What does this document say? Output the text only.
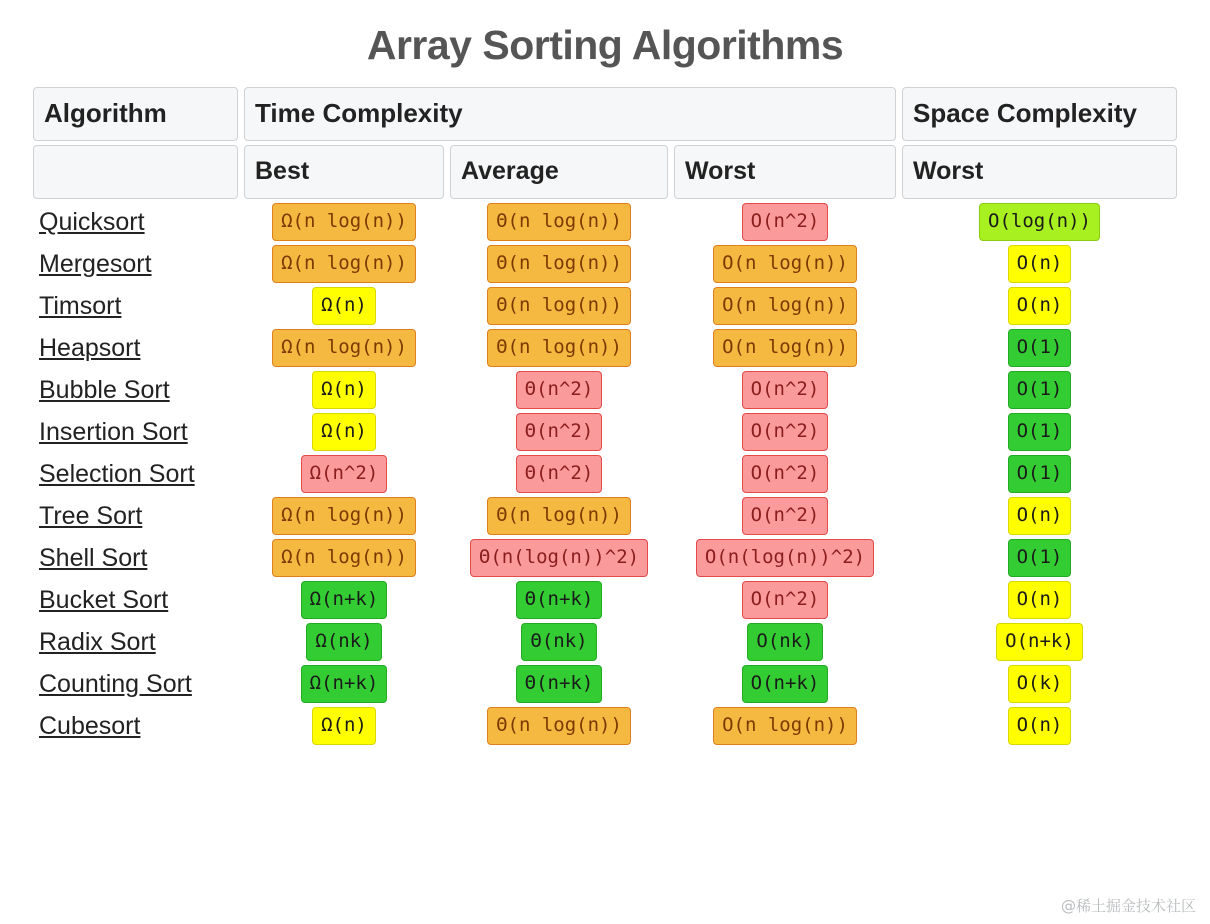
Array Sorting Algorithms
Algorithm	Time Complexity			Space Complexity
	Best	Average	Worst	Worst
Quicksort	Ω(n log(n))	Θ(n log(n))	O(n^2)	O(log(n))
Mergesort	Ω(n log(n))	Θ(n log(n))	O(n log(n))	O(n)
Timsort	Ω(n)	Θ(n log(n))	O(n log(n))	O(n)
Heapsort	Ω(n log(n))	Θ(n log(n))	O(n log(n))	O(1)
Bubble Sort	Ω(n)	Θ(n^2)	O(n^2)	O(1)
Insertion Sort	Ω(n)	Θ(n^2)	O(n^2)	O(1)
Selection Sort	Ω(n^2)	Θ(n^2)	O(n^2)	O(1)
Tree Sort	Ω(n log(n))	Θ(n log(n))	O(n^2)	O(n)
Shell Sort	Ω(n log(n))	Θ(n(log(n))^2)	O(n(log(n))^2)	O(1)
Bucket Sort	Ω(n+k)	Θ(n+k)	O(n^2)	O(n)
Radix Sort	Ω(nk)	Θ(nk)	O(nk)	O(n+k)
Counting Sort	Ω(n+k)	Θ(n+k)	O(n+k)	O(k)
Cubesort	Ω(n)	Θ(n log(n))	O(n log(n))	O(n)
@稀土掘金技术社区
